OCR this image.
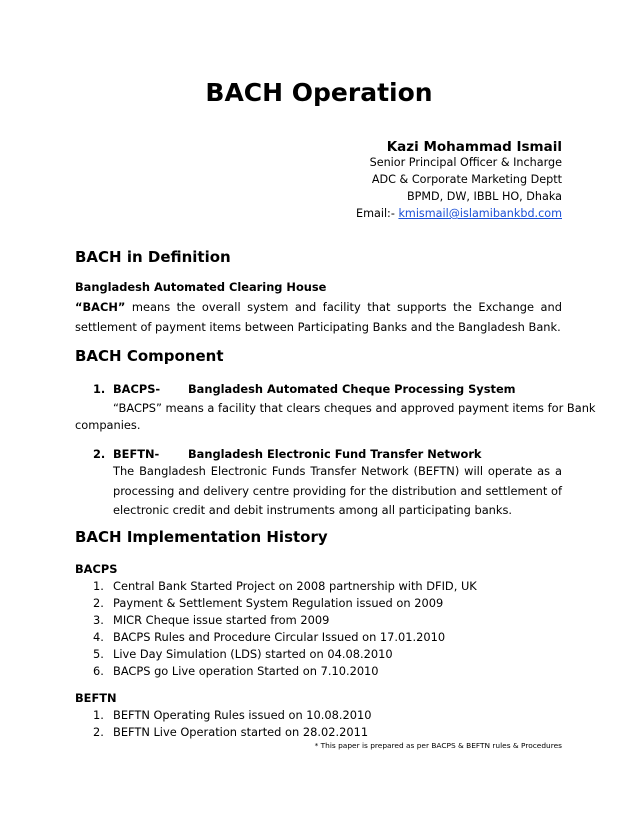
BACH Operation
Kazi Mohammad Ismail
Senior Principal Officer & Incharge
ADC & Corporate Marketing Deptt
BPMD, DW, IBBL HO, Dhaka
Email:- kmismail@islamibankbd.com
BACH in Definition
Bangladesh Automated Clearing House
“BACH” means the overall system and facility that supports the Exchange and settlement of payment items between Participating Banks and the Bangladesh Bank.
BACH Component
1. BACPS- Bangladesh Automated Cheque Processing System
“BACPS” means a facility that clears cheques and approved payment items for Bank
companies.
2. BEFTN-	Bangladesh Electronic Fund Transfer Network
The Bangladesh Electronic Funds Transfer Network (BEFTN) will operate as a processing and delivery centre providing for the distribution and settlement of electronic credit and debit instruments among all participating banks.
BACH Implementation History
BACPS
1. Central Bank Started Project on 2008 partnership with DFID, UK
2. Payment & Settlement System Regulation issued on 2009
3. MICR Cheque issue started from 2009
4. BACPS Rules and Procedure Circular Issued on 17.01.2010
5. Live Day Simulation (LDS) started on 04.08.2010
6. BACPS go Live operation Started on 7.10.2010
BEFTN
1. BEFTN Operating Rules issued on 10.08.2010
2. BEFTN Live Operation started on 28.02.2011
* This paper is prepared as per BACPS & BEFTN rules & Procedures
